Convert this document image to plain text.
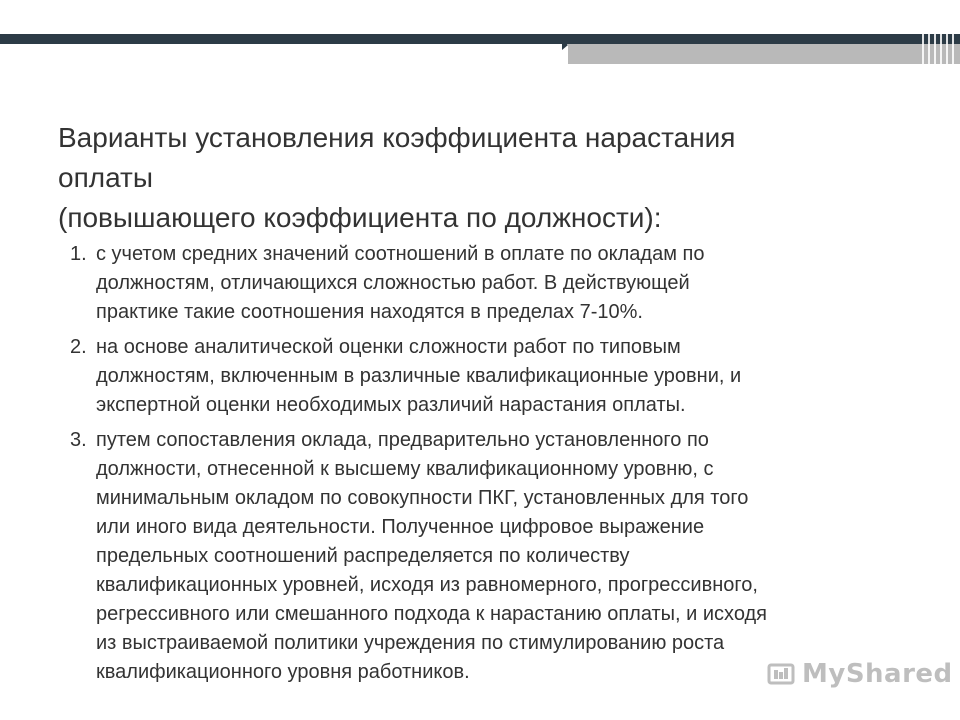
Варианты установления коэффициента нарастания
оплаты
(повышающего коэффициента по должности):
1. с учетом средних значений соотношений в оплате по окладам по
должностям, отличающихся сложностью работ. В действующей
практике такие соотношения находятся в пределах 7-10%.
2. на основе аналитической оценки сложности работ по типовым
должностям, включенным в различные квалификационные уровни, и
экспертной оценки необходимых различий нарастания оплаты.
3. путем сопоставления оклада, предварительно установленного по
должности, отнесенной к высшему квалификационному уровню, с
минимальным окладом по совокупности ПКГ, установленных для того
или иного вида деятельности. Полученное цифровое выражение
предельных соотношений распределяется по количеству
квалификационных уровней, исходя из равномерного, прогрессивного,
регрессивного или смешанного подхода к нарастанию оплаты, и исходя
из выстраиваемой политики учреждения по стимулированию роста
квалификационного уровня работников.	MyShared
